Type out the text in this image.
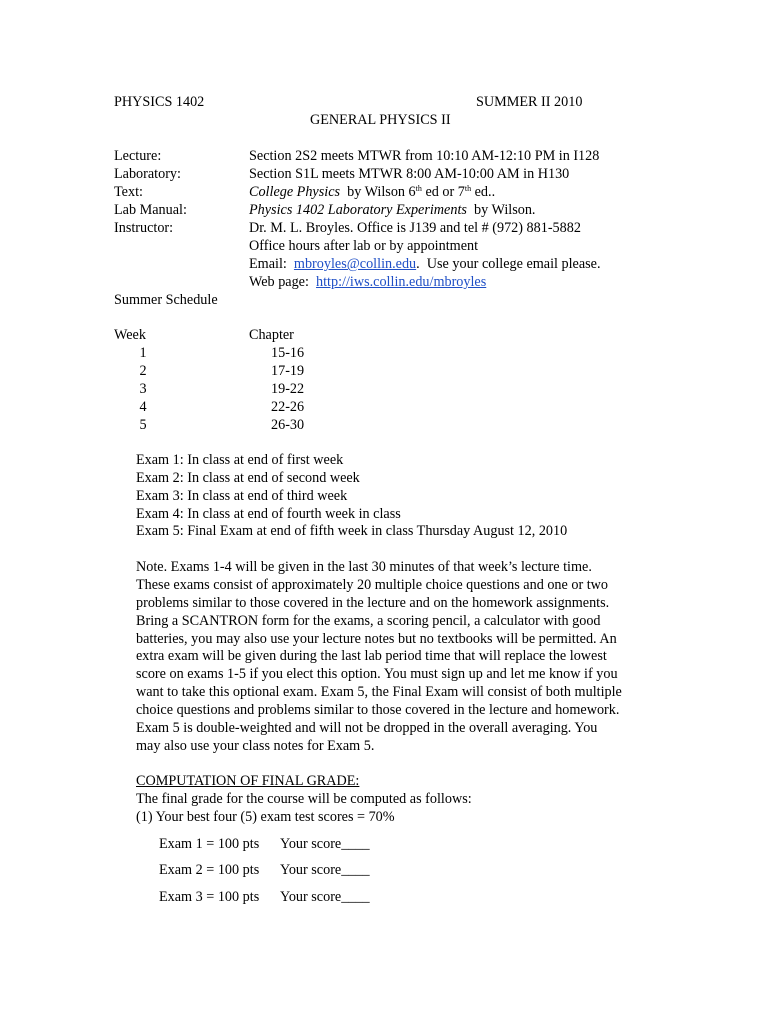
PHYSICS 1402	SUMMER II 2010
GENERAL PHYSICS II
Lecture:	Section 2S2 meets MTWR from 10:10 AM-12:10 PM in I128
Laboratory:	Section S1L meets MTWR 8:00 AM-10:00 AM in H130
Text:	College Physics  by Wilson 6th ed or 7th ed..
Lab Manual:	Physics 1402 Laboratory Experiments  by Wilson.
Instructor:	Dr. M. L. Broyles. Office is J139 and tel # (972) 881-5882
Office hours after lab or by appointment
Email:  mbroyles@collin.edu.  Use your college email please.
Web page:  http://iws.collin.edu/mbroyles
Summer Schedule
Week	Chapter
1	15-16
2	17-19
3	19-22
4	22-26
5	26-30
Exam 1: In class at end of first week
Exam 2: In class at end of second week
Exam 3: In class at end of third week
Exam 4: In class at end of fourth week in class
Exam 5: Final Exam at end of fifth week in class Thursday August 12, 2010
Note. Exams 1-4 will be given in the last 30 minutes of that week’s lecture time.
These exams consist of approximately 20 multiple choice questions and one or two
problems similar to those covered in the lecture and on the homework assignments.
Bring a SCANTRON form for the exams, a scoring pencil, a calculator with good
batteries, you may also use your lecture notes but no textbooks will be permitted. An
extra exam will be given during the last lab period time that will replace the lowest
score on exams 1-5 if you elect this option. You must sign up and let me know if you
want to take this optional exam. Exam 5, the Final Exam will consist of both multiple
choice questions and problems similar to those covered in the lecture and homework.
Exam 5 is double-weighted and will not be dropped in the overall averaging. You
may also use your class notes for Exam 5.
COMPUTATION OF FINAL GRADE:
The final grade for the course will be computed as follows:
(1) Your best four (5) exam test scores = 70%
Exam 1 = 100 pts Your score____
Exam 2 = 100 pts Your score____
Exam 3 = 100 pts Your score____
